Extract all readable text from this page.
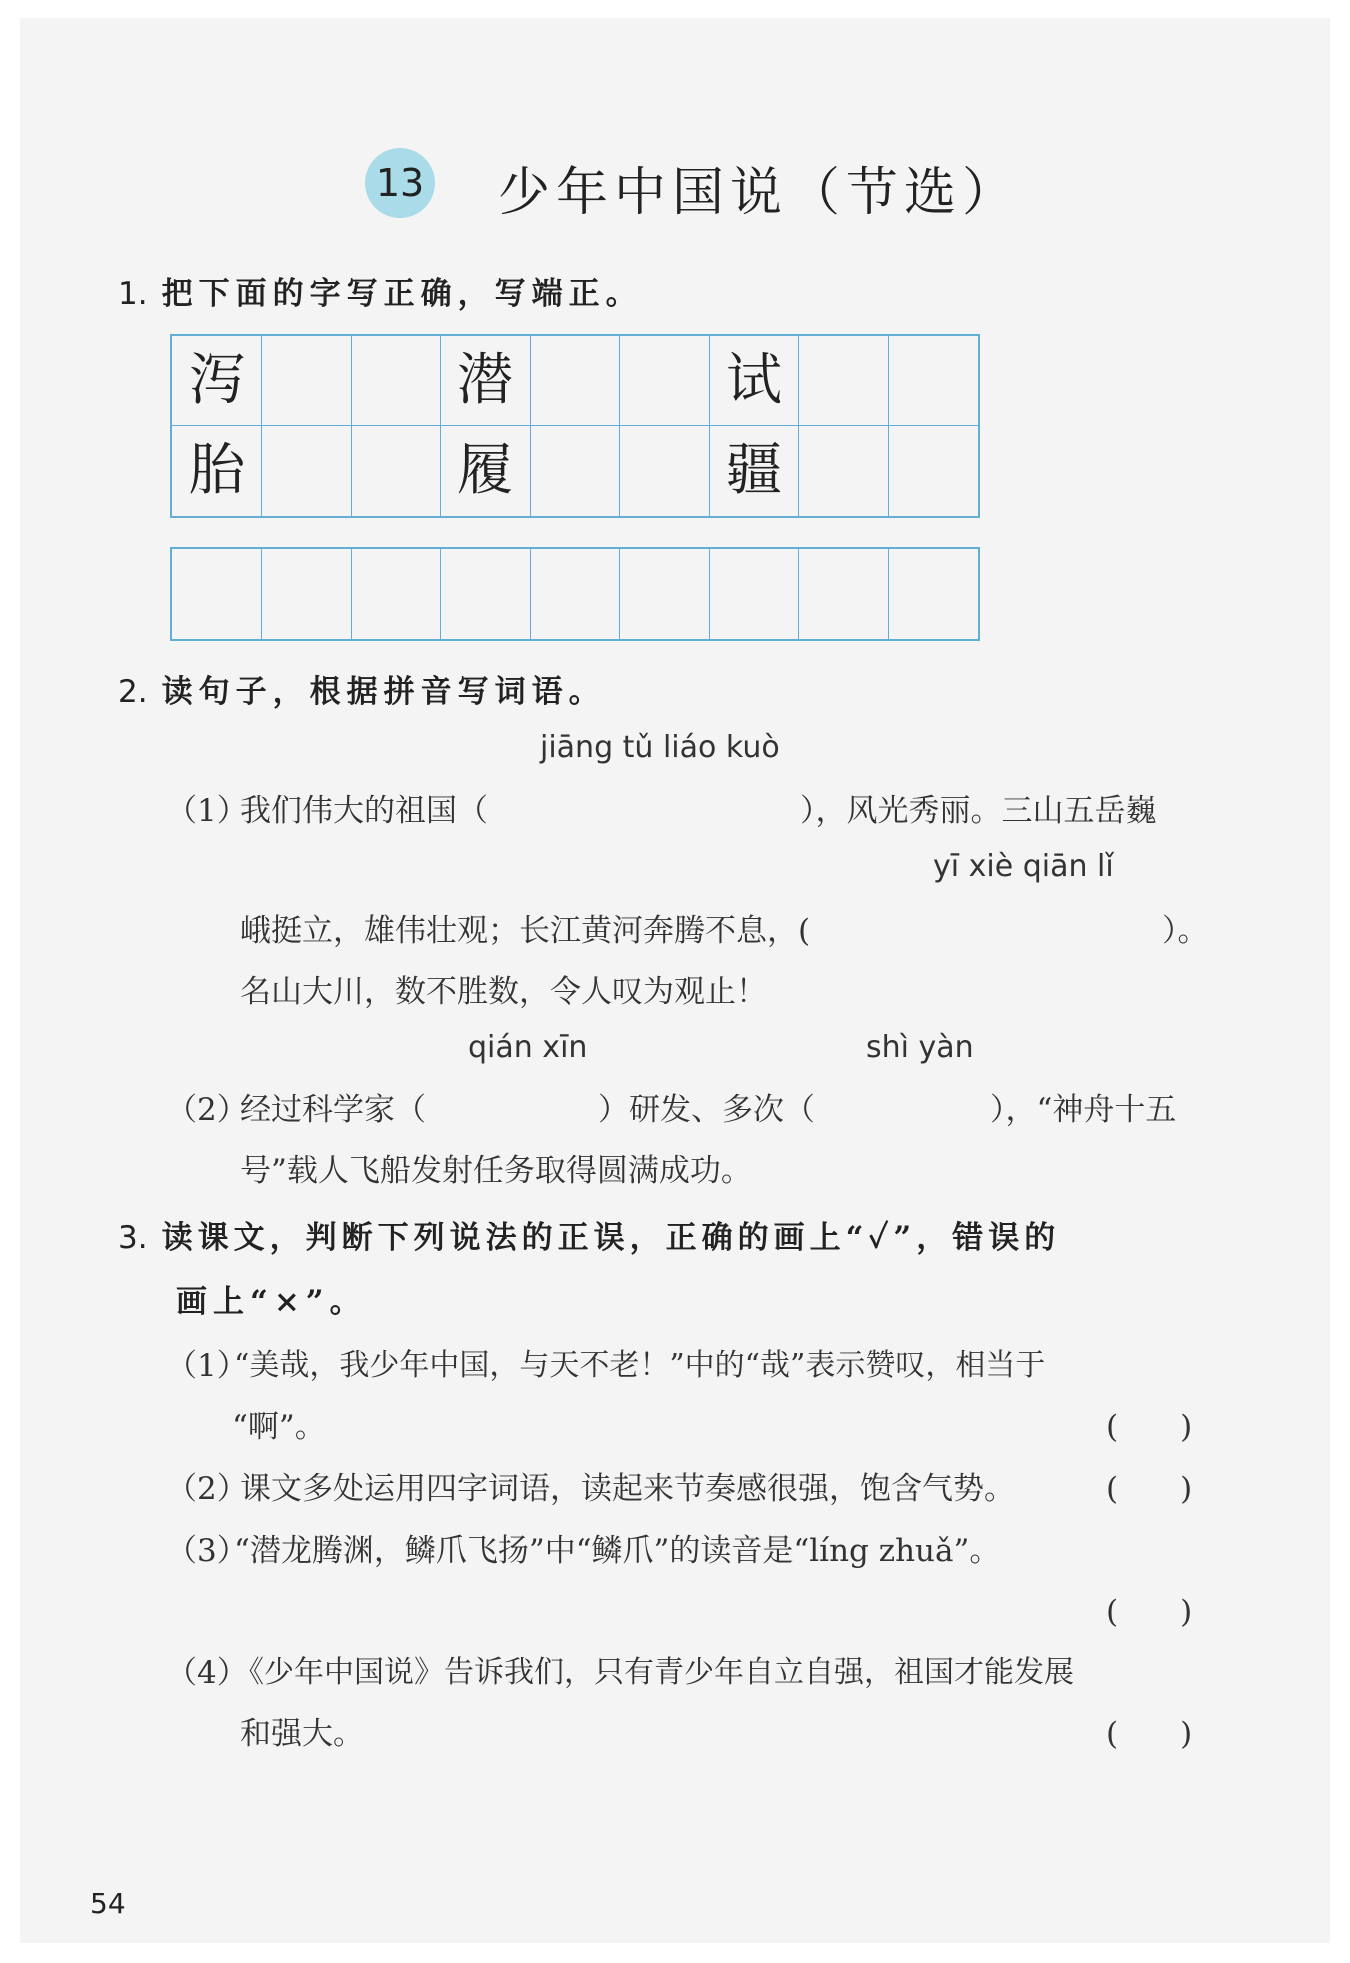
13 少年中国说（节选）
1. 把下面的字写正确，写端正。
泻	潜	试
胎	履	疆
2. 读句子，根据拼音写词语。
jiāng tǔ liáo kuò
（1）
我们伟大的祖国（	），风光秀丽。三山五岳巍
yī xiè qiān lǐ
峨挺立，雄伟壮观；长江黄河奔腾不息，(	）。
名山大川，数不胜数，令人叹为观止！
qián xīn	shì yàn
（2）
经过科学家（	）研发、多次（	），“神舟十五
号”载人飞船发射任务取得圆满成功。
3. 读课文，判断下列说法的正误，正确的画上“✓”，错误的
画上“×”。
（1）
“美哉，我少年中国，与天不老！”中的“哉”表示赞叹，相当于
“啊”。	(　　)
（2）
课文多处运用四字词语，读起来节奏感很强，饱含气势。	(　　)
（3）
“潜龙腾渊，鳞爪飞扬”中“鳞爪”的读音是“líng zhuǎ”。
(　　)
（4）
《少年中国说》告诉我们，只有青少年自立自强，祖国才能发展
和强大。	(　　)
54
